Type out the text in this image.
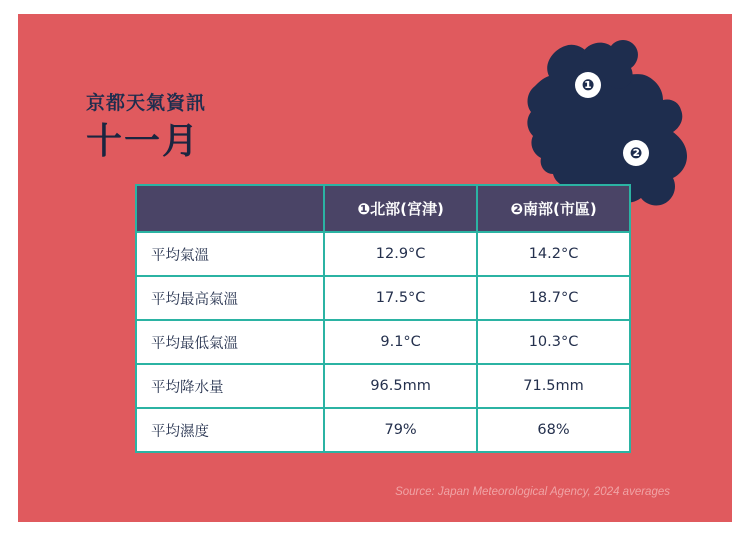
京都天氣資訊
十一月
❶
❷
	❶北部(宮津)	❷南部(市區)
平均氣溫	12.9°C	14.2°C
平均最高氣溫	17.5°C	18.7°C
平均最低氣溫	9.1°C	10.3°C
平均降水量	96.5mm	71.5mm
平均濕度	79%	68%
Source: Japan Meteorological Agency, 2024 averages
